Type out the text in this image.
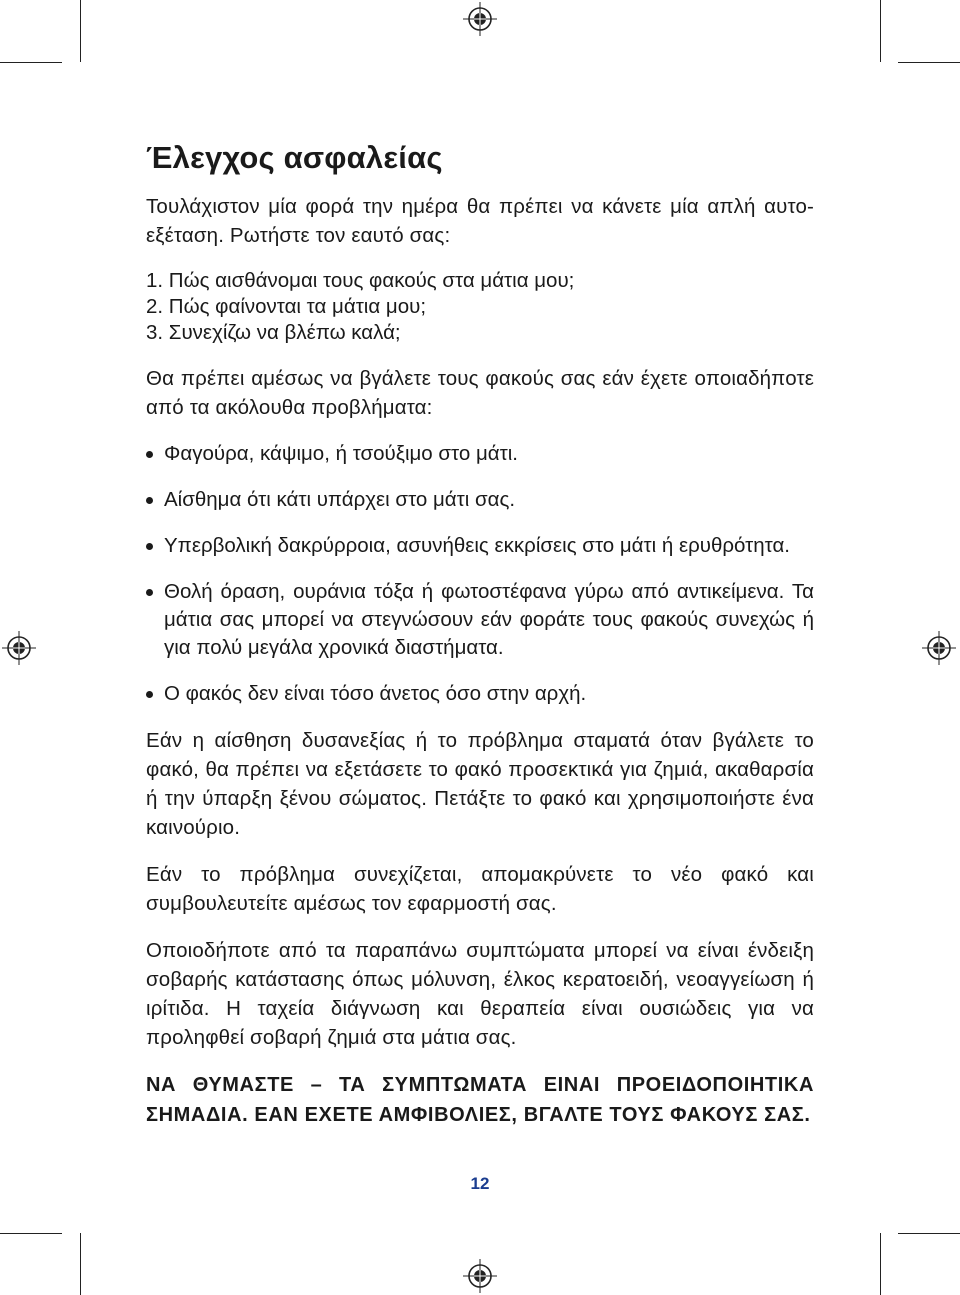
Έλεγχος ασφαλείας

Τουλάχιστον μία φορά την ημέρα θα πρέπει να κάνετε μία απλή αυτο-εξέταση. Ρωτήστε τον εαυτό σας:

1. Πώς αισθάνομαι τους φακούς στα μάτια μου;
2. Πώς φαίνονται τα μάτια μου;
3. Συνεχίζω να βλέπω καλά;

Θα πρέπει αμέσως να βγάλετε τους φακούς σας εάν έχετε οποιαδήποτε από τα ακόλουθα προβλήματα:

Φαγούρα, κάψιμο, ή τσούξιμο στο μάτι.
Αίσθημα ότι κάτι υπάρχει στο μάτι σας.
Υπερβολική δακρύρροια, ασυνήθεις εκκρίσεις στο μάτι ή ερυθρότητα.
Θολή όραση, ουράνια τόξα ή φωτοστέφανα γύρω από αντικείμενα. Τα μάτια σας μπορεί να στεγνώσουν εάν φοράτε τους φακούς συνεχώς ή για πολύ μεγάλα χρονικά διαστήματα.
Ο φακός δεν είναι τόσο άνετος όσο στην αρχή.

Εάν η αίσθηση δυσανεξίας ή το πρόβλημα σταματά όταν βγάλετε το φακό, θα πρέπει να εξετάσετε το φακό προσεκτικά για ζημιά, ακαθαρσία ή την ύπαρξη ξένου σώματος. Πετάξτε το φακό και χρησιμοποιήστε ένα καινούριο.

Εάν το πρόβλημα συνεχίζεται, απομακρύνετε το νέο φακό και συμβουλευτείτε αμέσως τον εφαρμοστή σας.

Οποιοδήποτε από τα παραπάνω συμπτώματα μπορεί να είναι ένδειξη σοβαρής κατάστασης όπως μόλυνση, έλκος κερατοειδή, νεοαγγείωση ή ιρίτιδα. Η ταχεία διάγνωση και θεραπεία είναι ουσιώδεις για να προληφθεί σοβαρή ζημιά στα μάτια σας.

ΝΑ ΘΥΜΑΣΤΕ – ΤΑ ΣΥΜΠΤΩΜΑΤΑ ΕΙΝΑΙ ΠΡΟΕΙΔΟΠΟΙΗΤΙΚΑ ΣΗΜΑΔΙΑ. ΕΑΝ ΕΧΕΤΕ ΑΜΦΙΒΟΛΙΕΣ, ΒΓΑΛΤΕ ΤΟΥΣ ΦΑΚΟΥΣ ΣΑΣ.

12
